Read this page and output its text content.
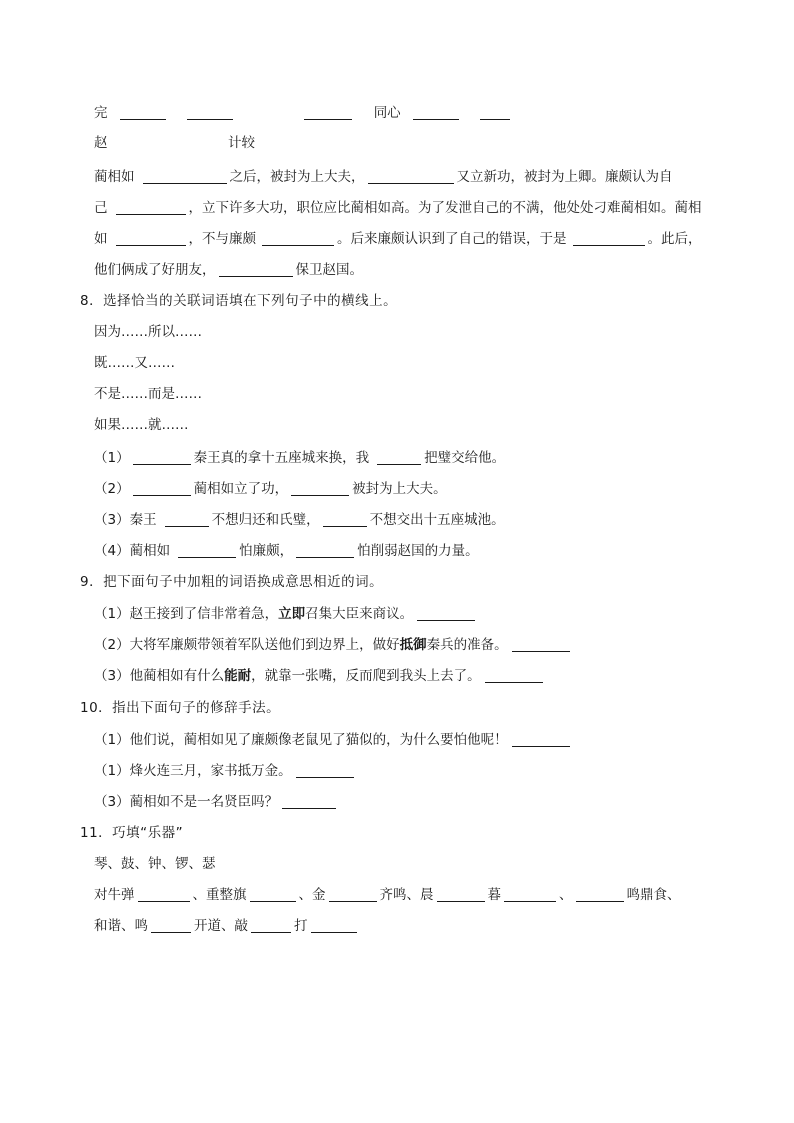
完	同心
赵	计较
蔺相如	之后，被封为上大夫，	又立新功，被封为上卿。廉颇认为自
己	，立下许多大功，职位应比蔺相如高。为了发泄自己的不满，他处处刁难蔺相如。蔺相
如	，不与廉颇	。后来廉颇认识到了自己的错误，于是	。此后，
他们俩成了好朋友，	保卫赵国。
8．选择恰当的关联词语填在下列句子中的横线上。
因为……所以……
既……又……
不是……而是……
如果……就……
（1）	秦王真的拿十五座城来换，我	把璧交给他。
（2）	蔺相如立了功，	被封为上大夫。
（3）秦王	不想归还和氏璧，	不想交出十五座城池。
（4）蔺相如	怕廉颇，	怕削弱赵国的力量。
9．把下面句子中加粗的词语换成意思相近的词。
（1）赵王接到了信非常着急，立即召集大臣来商议。
（2）大将军廉颇带领着军队送他们到边界上，做好抵御秦兵的准备。
（3）他蔺相如有什么能耐，就靠一张嘴，反而爬到我头上去了。
10．指出下面句子的修辞手法。
（1）他们说，蔺相如见了廉颇像老鼠见了猫似的，为什么要怕他呢！
（1）烽火连三月，家书抵万金。
（3）蔺相如不是一名贤臣吗？
11．巧填“乐器”
琴、鼓、钟、锣、瑟
对牛弹	、重整旗	、金	齐鸣、晨	暮	、	鸣鼎食、
和谐、鸣	开道、敲	打
